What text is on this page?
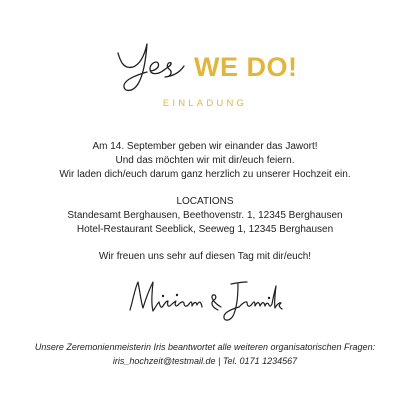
WE DO!
EINLADUNG

Am 14. September geben wir einander das Jawort!

Und das möchten wir mit dir/euch feiern.

Wir laden dich/euch darum ganz herzlich zu unserer Hochzeit ein.

LOCATIONS

Standesamt Berghausen, Beethovenstr. 1, 12345 Berghausen

Hotel-Restaurant Seeblick, Seeweg 1, 12345 Berghausen

Wir freuen uns sehr auf diesen Tag mit dir/euch!

Unsere Zeremonienmeisterin Iris beantwortet alle weiteren organisatorischen Fragen:

iris_hochzeit@testmail.de | Tel. 0171 1234567
